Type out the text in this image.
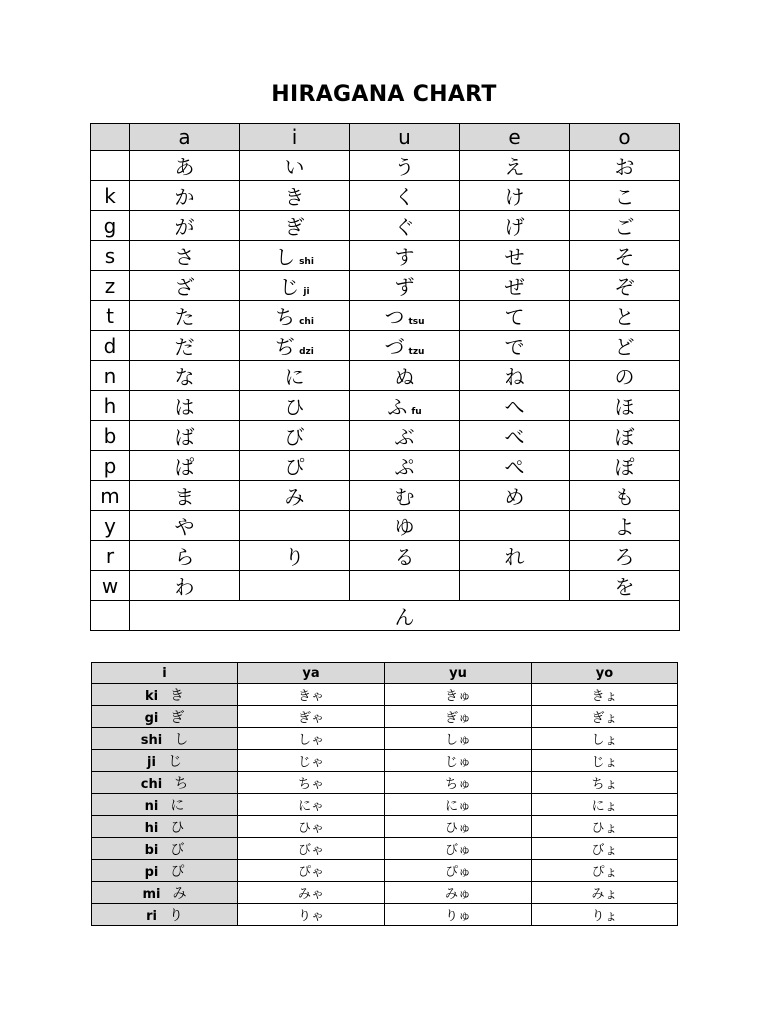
HIRAGANA CHART
	a	i	u	e	o
	あ	い	う	え	お
k	か	き	く	け	こ
g	が	ぎ	ぐ	げ	ご
s	さ	し shi	す	せ	そ
z	ざ	じ ji	ず	ぜ	ぞ
t	た	ち chi	つ tsu	て	と
d	だ	ぢ dzi	づ tzu	で	ど
n	な	に	ぬ	ね	の
h	は	ひ	ふ fu	へ	ほ
b	ば	び	ぶ	べ	ぼ
p	ぱ	ぴ	ぷ	ぺ	ぽ
m	ま	み	む	め	も
y	や		ゆ		よ
r	ら	り	る	れ	ろ
w	わ				を
	ん				
i	ya	yu	yo
ki き	きゃ	きゅ	きょ
gi ぎ	ぎゃ	ぎゅ	ぎょ
shi し	しゃ	しゅ	しょ
ji じ	じゃ	じゅ	じょ
chi ち	ちゃ	ちゅ	ちょ
ni に	にゃ	にゅ	にょ
hi ひ	ひゃ	ひゅ	ひょ
bi び	びゃ	びゅ	びょ
pi ぴ	ぴゃ	ぴゅ	ぴょ
mi み	みゃ	みゅ	みょ
ri り	りゃ	りゅ	りょ
